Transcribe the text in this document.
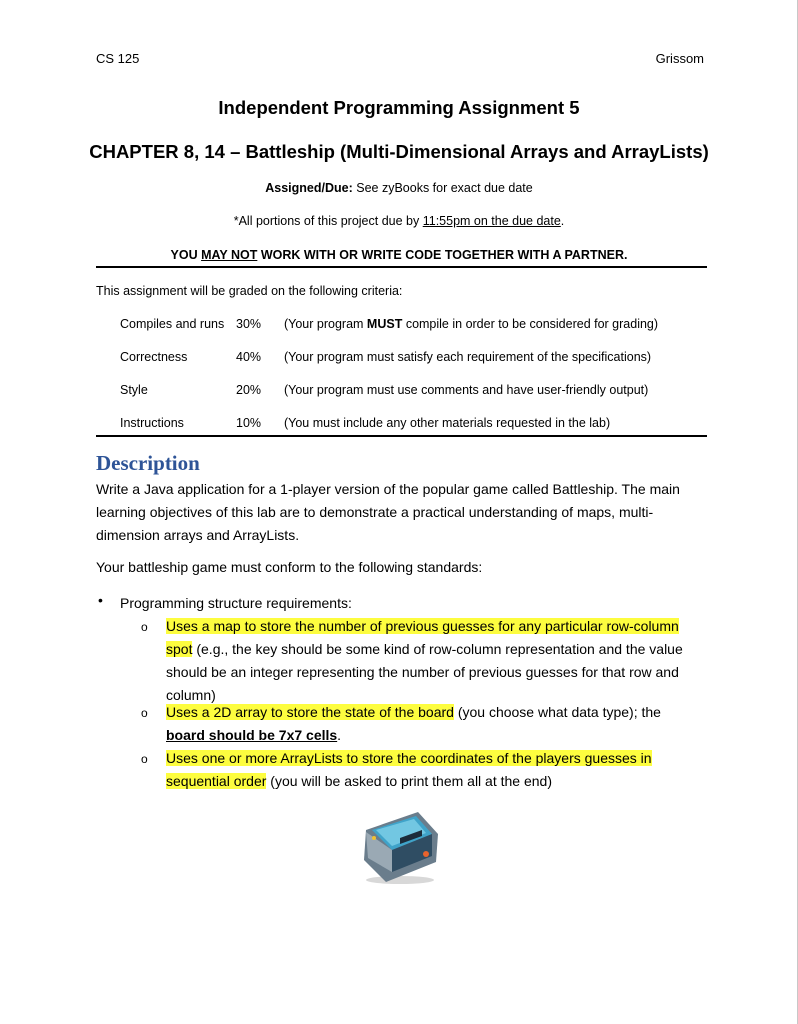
CS 125	Grissom
Independent Programming Assignment 5
CHAPTER 8, 14 – Battleship (Multi-Dimensional Arrays and ArrayLists)
Assigned/Due: See zyBooks for exact due date
*All portions of this project due by 11:55pm on the due date.
YOU MAY NOT WORK WITH OR WRITE CODE TOGETHER WITH A PARTNER.
This assignment will be graded on the following criteria:
Compiles and runs 30% (Your program MUST compile in order to be considered for grading)
Correctness	40% (Your program must satisfy each requirement of the specifications)
Style	20% (Your program must use comments and have user-friendly output)
Instructions	10% (You must include any other materials requested in the lab)
Description
Write a Java application for a 1-player version of the popular game called Battleship. The main
learning objectives of this lab are to demonstrate a practical understanding of maps, multi-
dimension arrays and ArrayLists.
Your battleship game must conform to the following standards:
• Programming structure requirements:
o Uses a map to store the number of previous guesses for any particular row-column
spot (e.g., the key should be some kind of row-column representation and the value
should be an integer representing the number of previous guesses for that row and
column)
o Uses a 2D array to store the state of the board (you choose what data type); the
board should be 7x7 cells.
o Uses one or more ArrayLists to store the coordinates of the players guesses in
sequential order (you will be asked to print them all at the end)
